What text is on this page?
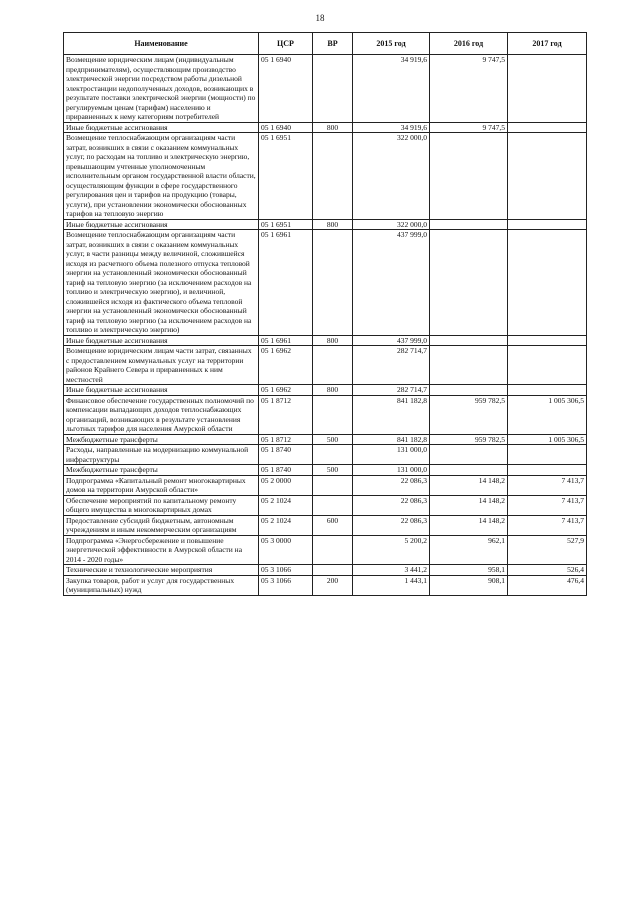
18
Наименование	ЦСР	ВР	2015 год	2016 год	2017 год
Возмещение юридическим лицам (индивидуальным предпринимателям), осуществляющим производство электрической энергии посредством работы дизельной электростанции недополученных доходов, возникающих в результате поставки электрической энергии (мощности) по регулируемым ценам (тарифам) населению и приравненных к нему категориям потребителей	05 1 6940		34 919,6	9 747,5	
Иные бюджетные ассигнования	05 1 6940	800	34 919,6	9 747,5	
Возмещение теплоснабжающим организациям части затрат, возникших в связи с оказанием коммунальных услуг, по расходам на топливо и электрическую энергию, превышающим учтенные уполномоченным исполнительным органом государственной власти области, осуществляющим функции в сфере государственного регулирования цен и тарифов на продукцию (товары, услуги), при установлении экономически обоснованных тарифов на тепловую энергию	05 1 6951		322 000,0		
Иные бюджетные ассигнования	05 1 6951	800	322 000,0		
Возмещение теплоснабжающим организациям части затрат, возникших в связи с оказанием коммунальных услуг, в части разницы между величиной, сложившейся исходя из расчетного объема полезного отпуска тепловой энергии на установленный экономически обоснованный тариф на тепловую энергию (за исключением расходов на топливо и электрическую энергию), и величиной, сложившейся исходя из фактического объема тепловой энергии на установленный экономически обоснованный тариф на тепловую энергию (за исключением расходов на топливо и электрическую энергию)	05 1 6961		437 999,0		
Иные бюджетные ассигнования	05 1 6961	800	437 999,0		
Возмещение юридическим лицам части затрат, связанных с предоставлением коммунальных услуг на территории районов Крайнего Севера и приравненных к ним местностей	05 1 6962		282 714,7		
Иные бюджетные ассигнования	05 1 6962	800	282 714,7		
Финансовое обеспечение государственных полномочий по компенсации выпадающих доходов теплоснабжающих организаций, возникающих в результате установления льготных тарифов для населения Амурской области	05 1 8712		841 182,8	959 782,5	1 005 306,5
Межбюджетные трансферты	05 1 8712	500	841 182,8	959 782,5	1 005 306,5
Расходы, направленные на модернизацию коммунальной инфраструктуры	05 1 8740		131 000,0		
Межбюджетные трансферты	05 1 8740	500	131 000,0		
Подпрограмма «Капитальный ремонт многоквартирных домов на территории Амурской области»	05 2 0000		22 086,3	14 148,2	7 413,7
Обеспечение мероприятий по капитальному ремонту общего имущества в многоквартирных домах	05 2 1024		22 086,3	14 148,2	7 413,7
Предоставление субсидий бюджетным, автономным учреждениям и иным некоммерческим организациям	05 2 1024	600	22 086,3	14 148,2	7 413,7
Подпрограмма «Энергосбережение и повышение энергетической эффективности в Амурской области на 2014 - 2020 годы»	05 3 0000		5 200,2	962,1	527,9
Технические и технологические мероприятия	05 3 1066		3 441,2	958,1	526,4
Закупка товаров, работ и услуг для государственных (муниципальных) нужд	05 3 1066	200	1 443,1	908,1	476,4
